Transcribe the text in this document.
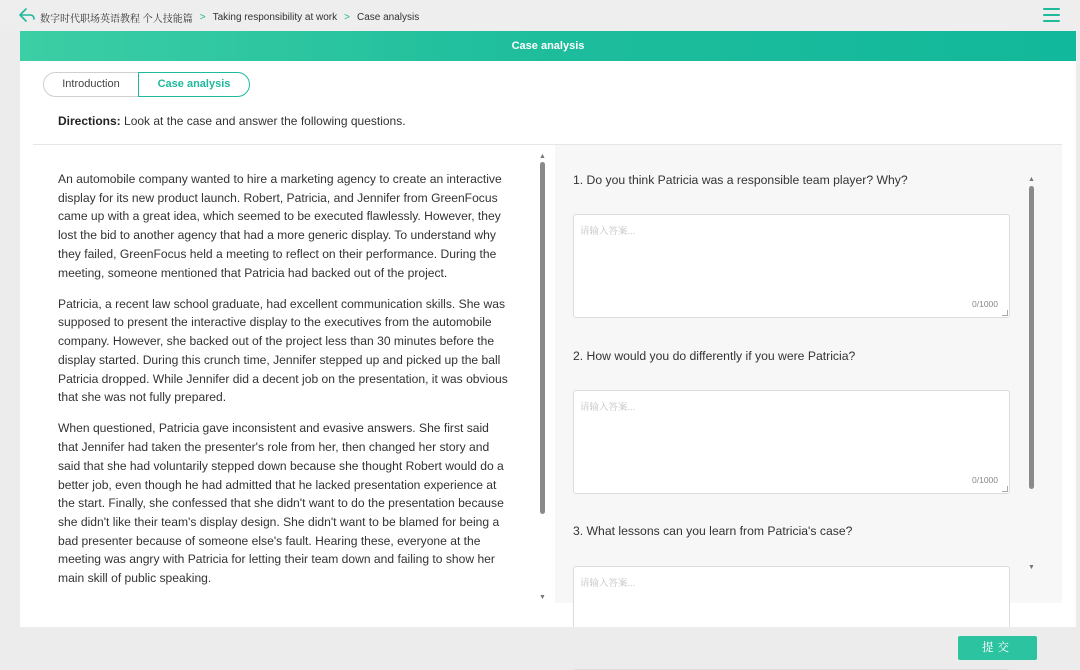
数字时代职场英语教程 个人技能篇 > Taking responsibility at work > Case analysis
Case analysis
Introduction	Case analysis
Directions: Look at the case and answer the following questions.

An automobile company wanted to hire a marketing agency to create an interactive display for its new product launch. Robert, Patricia, and Jennifer from GreenFocus came up with a great idea, which seemed to be executed flawlessly. However, they lost the bid to another agency that had a more generic display. To understand why they failed, GreenFocus held a meeting to reflect on their performance. During the meeting, someone mentioned that Patricia had backed out of the project.

Patricia, a recent law school graduate, had excellent communication skills. She was supposed to present the interactive display to the executives from the automobile company. However, she backed out of the project less than 30 minutes before the display started. During this crunch time, Jennifer stepped up and picked up the ball Patricia dropped. While Jennifer did a decent job on the presentation, it was obvious that she was not fully prepared.

When questioned, Patricia gave inconsistent and evasive answers. She first said that Jennifer had taken the presenter's role from her, then changed her story and said that she had voluntarily stepped down because she thought Robert would do a better job, even though he had admitted that he lacked presentation experience at the start. Finally, she confessed that she didn't want to do the presentation because she didn't like their team's display design. She didn't want to be blamed for being a bad presenter because of someone else's fault. Hearing these, everyone at the meeting was angry with Patricia for letting their team down and failing to show her main skill of public speaking.

▲
▼
1. Do you think Patricia was a responsible team player? Why?
请输入答案...
0/1000
2. How would you do differently if you were Patricia?
请输入答案...
0/1000
3. What lessons can you learn from Patricia's case?
请输入答案...
▲
▼
提交
